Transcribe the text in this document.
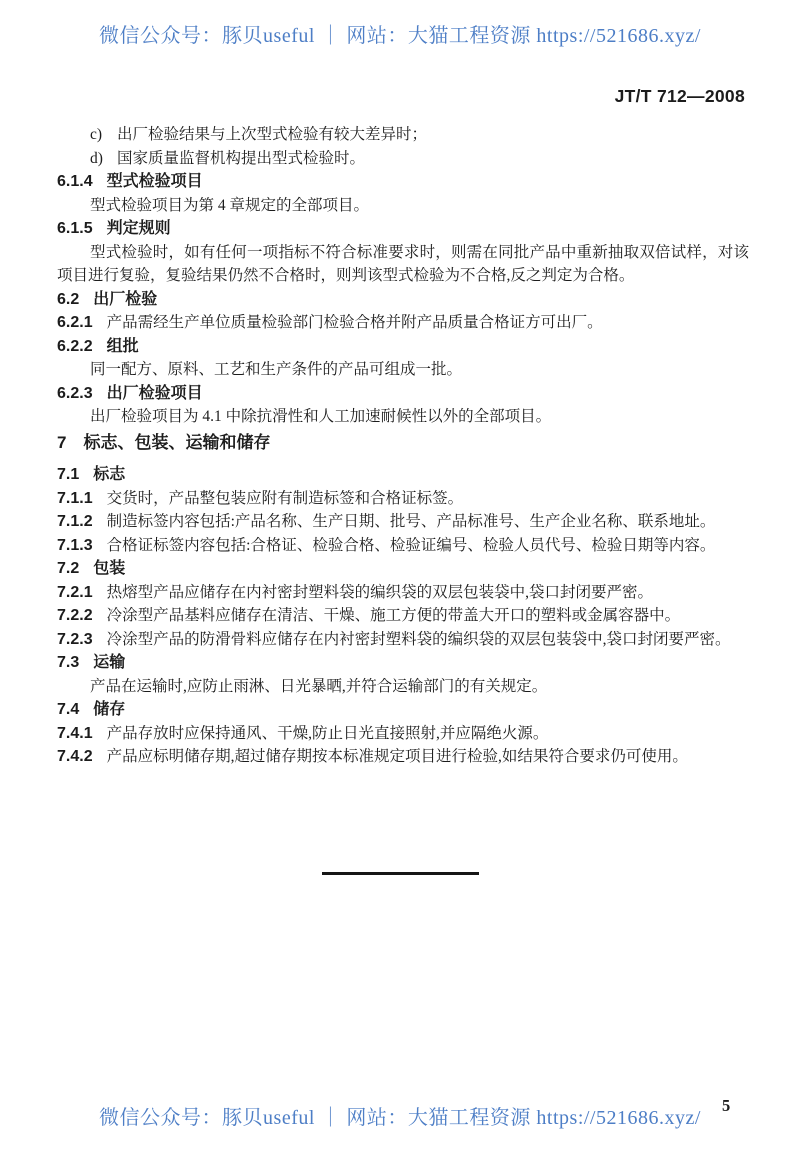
微信公众号：豚贝useful ｜ 网站：大猫工程资源 https://521686.xyz/
JT/T 712—2008
c) 出厂检验结果与上次型式检验有较大差异时；
d) 国家质量监督机构提出型式检验时。
6.1.4 型式检验项目
型式检验项目为第 4 章规定的全部项目。
6.1.5 判定规则
型式检验时，如有任何一项指标不符合标准要求时，则需在同批产品中重新抽取双倍试样，对该项目进行复验，复验结果仍然不合格时，则判该型式检验为不合格,反之判定为合格。
6.2 出厂检验
6.2.1 产品需经生产单位质量检验部门检验合格并附产品质量合格证方可出厂。
6.2.2 组批
同一配方、原料、工艺和生产条件的产品可组成一批。
6.2.3 出厂检验项目
出厂检验项目为 4.1 中除抗滑性和人工加速耐候性以外的全部项目。
7 标志、包装、运输和储存
7.1 标志
7.1.1 交货时，产品整包装应附有制造标签和合格证标签。
7.1.2 制造标签内容包括:产品名称、生产日期、批号、产品标准号、生产企业名称、联系地址。
7.1.3 合格证标签内容包括:合格证、检验合格、检验证编号、检验人员代号、检验日期等内容。
7.2 包装
7.2.1 热熔型产品应储存在内衬密封塑料袋的编织袋的双层包装袋中,袋口封闭要严密。
7.2.2 冷涂型产品基料应储存在清洁、干燥、施工方便的带盖大开口的塑料或金属容器中。
7.2.3 冷涂型产品的防滑骨料应储存在内衬密封塑料袋的编织袋的双层包装袋中,袋口封闭要严密。
7.3 运输
产品在运输时,应防止雨淋、日光暴晒,并符合运输部门的有关规定。
7.4 储存
7.4.1 产品存放时应保持通风、干燥,防止日光直接照射,并应隔绝火源。
7.4.2 产品应标明储存期,超过储存期按本标准规定项目进行检验,如结果符合要求仍可使用。
微信公众号：豚贝useful ｜ 网站：大猫工程资源 https://521686.xyz/
5
